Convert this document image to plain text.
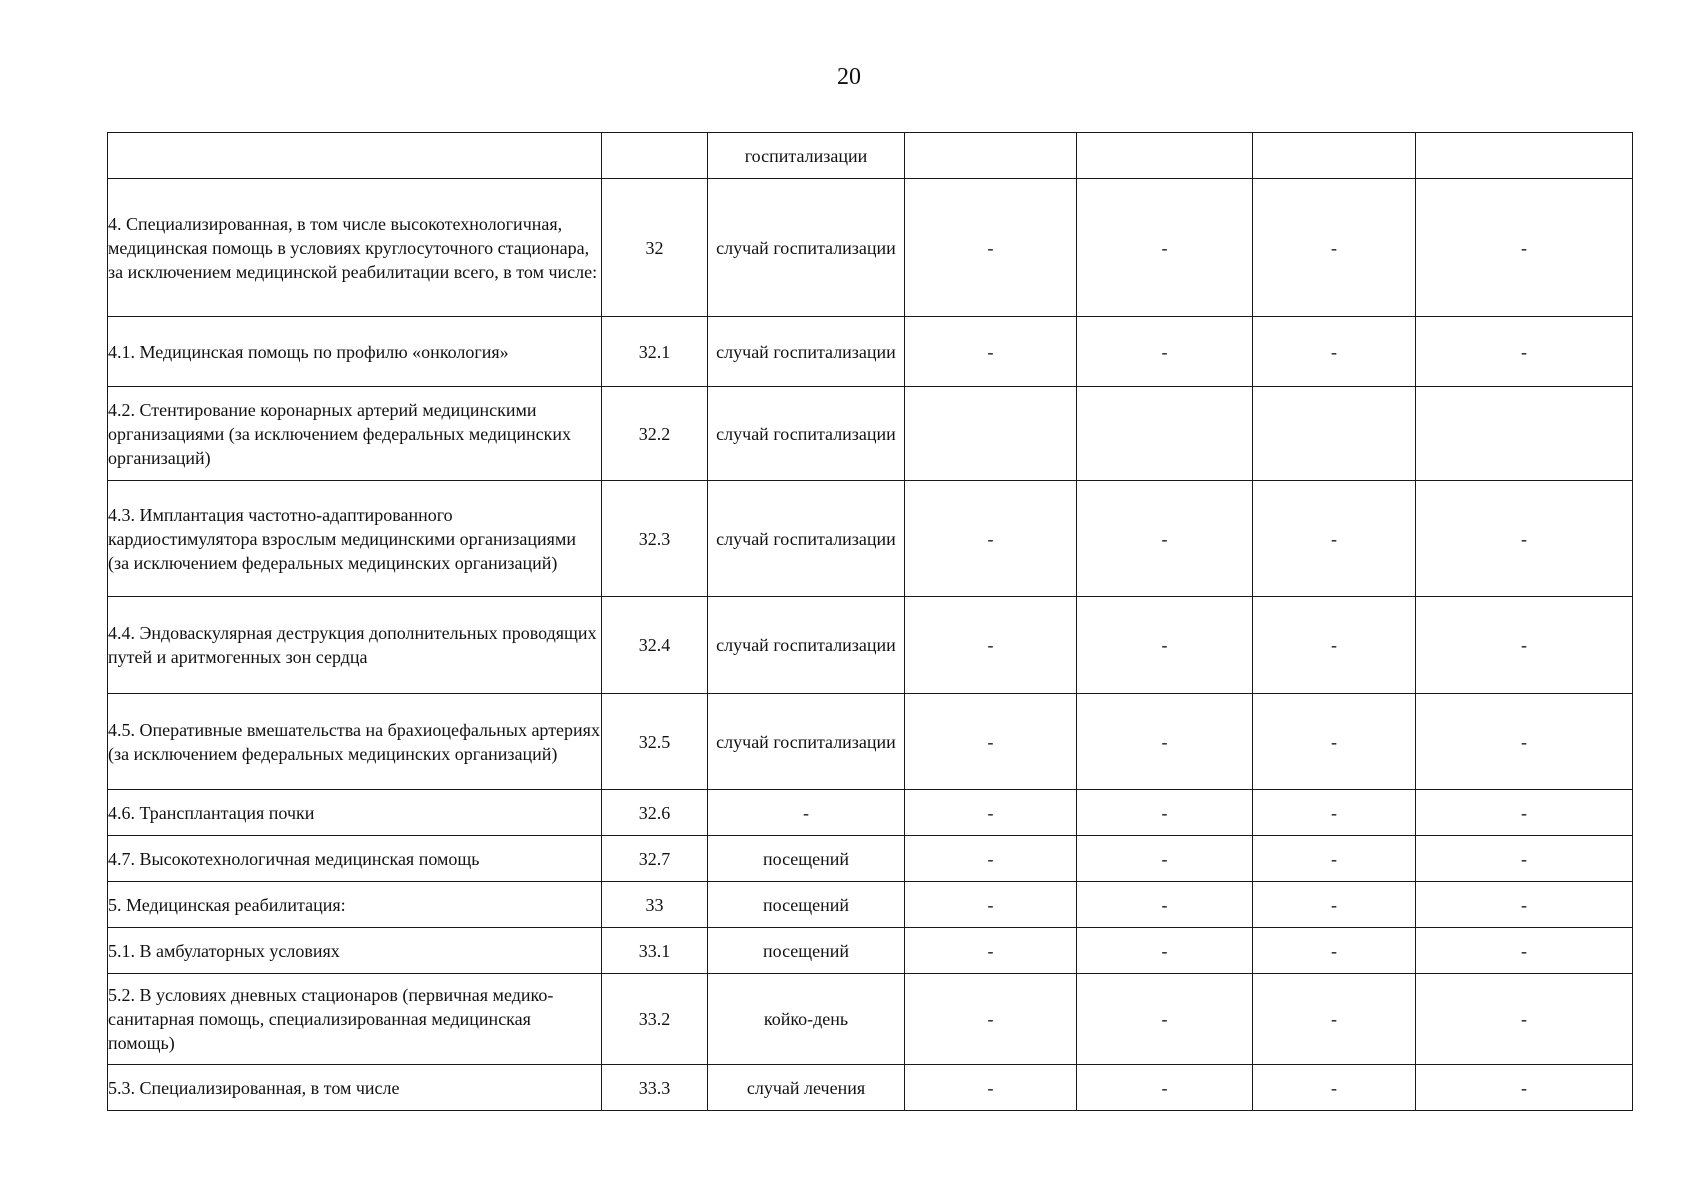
20
		госпитализации				
4. Специализированная, в том числе высокотехнологичная, медицинская помощь в условиях круглосуточного стационара, за исключением медицинской реабилитации всего, в том числе:	32	случай госпитализации	-	-	-	-
4.1. Медицинская помощь по профилю «онкология»	32.1	случай госпитализации	-	-	-	-
4.2. Стентирование коронарных артерий медицинскими организациями (за исключением федеральных медицинских организаций)	32.2	случай госпитализации				
4.3. Имплантация частотно-адаптированного кардиостимулятора взрослым медицинскими организациями (за исключением федеральных медицинских организаций)	32.3	случай госпитализации	-	-	-	-
4.4. Эндоваскулярная деструкция дополнительных проводящих путей и аритмогенных зон сердца	32.4	случай госпитализации	-	-	-	-
4.5. Оперативные вмешательства на брахиоцефальных артериях (за исключением федеральных медицинских организаций)	32.5	случай госпитализации	-	-	-	-
4.6. Трансплантация почки	32.6	-	-	-	-	-
4.7. Высокотехнологичная медицинская помощь	32.7	посещений	-	-	-	-
5. Медицинская реабилитация:	33	посещений	-	-	-	-
5.1. В амбулаторных условиях	33.1	посещений	-	-	-	-
5.2. В условиях дневных стационаров (первичная медико-санитарная помощь, специализированная медицинская помощь)	33.2	койко-день	-	-	-	-
5.3. Специализированная, в том числе	33.3	случай лечения	-	-	-	-
